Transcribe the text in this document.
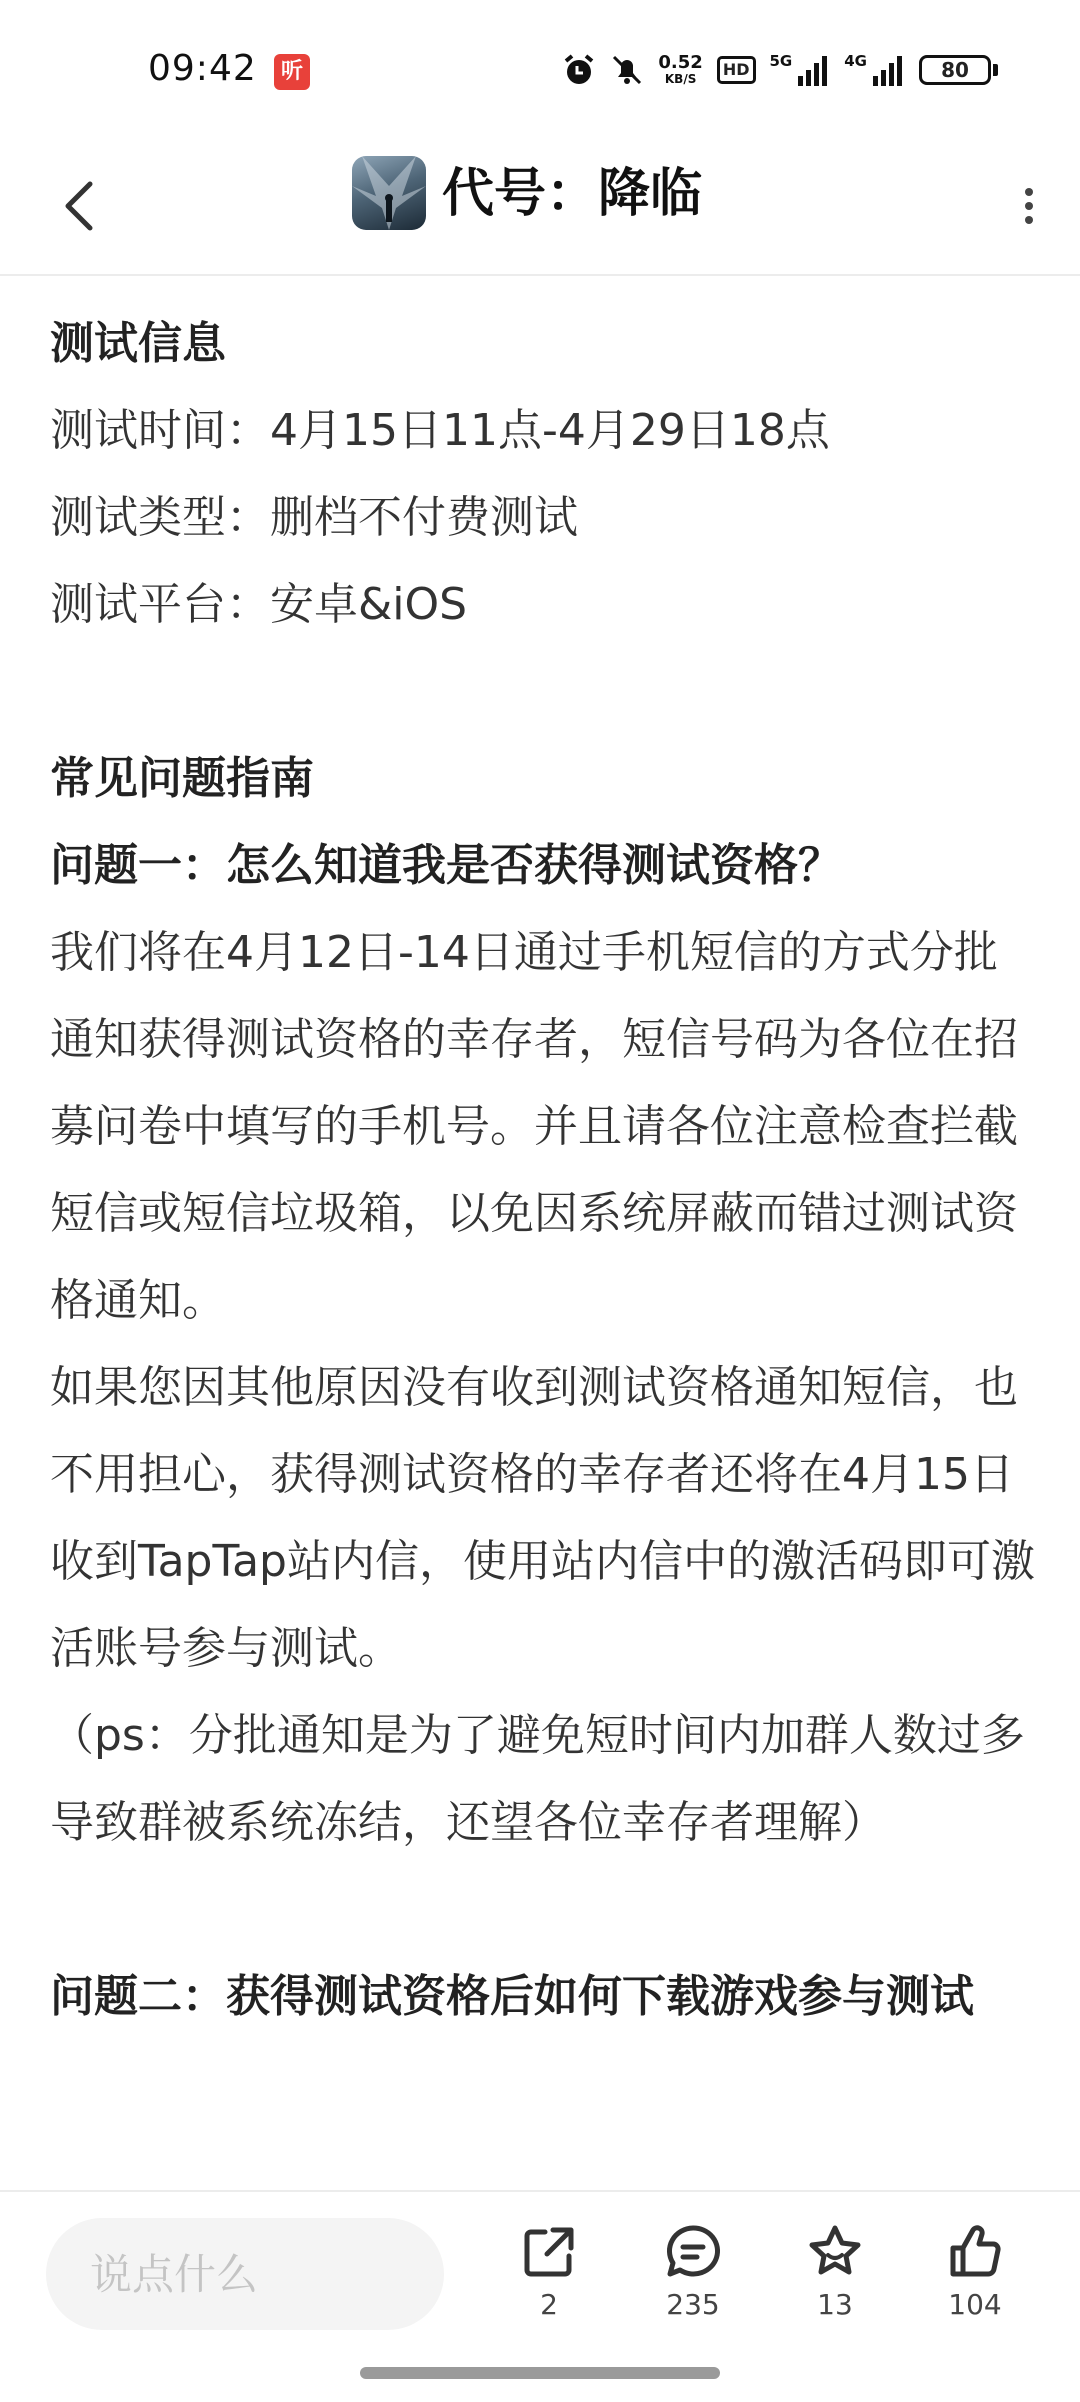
09:42	听	0.52
KB/S	HD	5G	4G	80
代号：降临

测试信息

测试时间：4月15日11点-4月29日18点

测试类型：删档不付费测试

测试平台：安卓&iOS

常见问题指南

问题一：怎么知道我是否获得测试资格？

我们将在4月12日-14日通过手机短信的方式分批通知获得测试资格的幸存者，短信号码为各位在招募问卷中填写的手机号。并且请各位注意检查拦截短信或短信垃圾箱，以免因系统屏蔽而错过测试资格通知。

如果您因其他原因没有收到测试资格通知短信，也不用担心，获得测试资格的幸存者还将在4月15日收到TapTap站内信，使用站内信中的激活码即可激活账号参与测试。

（ps：分批通知是为了避免短时间内加群人数过多导致群被系统冻结，还望各位幸存者理解）

问题二：获得测试资格后如何下载游戏参与测试

说点什么
2	235	13	104
